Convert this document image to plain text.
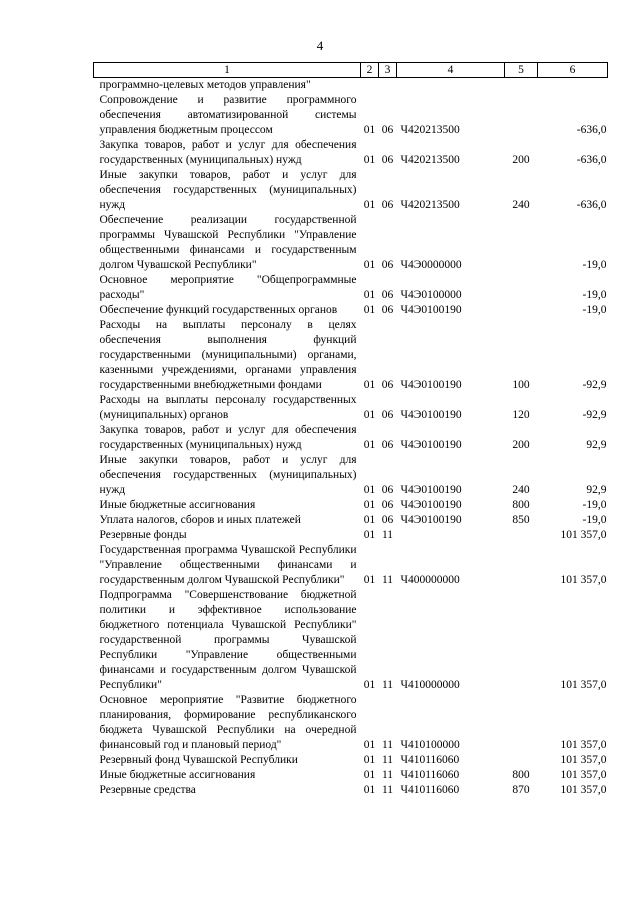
4
1	2	3	4	5	6
программно-целевых методов управления"					
Сопровождение и развитие программного обеспечения автоматизированной системы управления бюджетным процессом	01	06	Ч420213500		-636,0
Закупка товаров, работ и услуг для обеспечения государственных (муниципальных) нужд	01	06	Ч420213500	200	-636,0
Иные закупки товаров, работ и услуг для обеспечения государственных (муниципальных) нужд	01	06	Ч420213500	240	-636,0
Обеспечение реализации государственной программы Чувашской Республики "Управление общественными финансами и государственным долгом Чувашской Республики"	01	06	Ч4Э0000000		-19,0
Основное мероприятие "Общепрограммные расходы"	01	06	Ч4Э0100000		-19,0
Обеспечение функций государственных органов	01	06	Ч4Э0100190		-19,0
Расходы на выплаты персоналу в целях обеспечения выполнения функций государственными (муниципальными) органами, казенными учреждениями, органами управления государственными внебюджетными фондами	01	06	Ч4Э0100190	100	-92,9
Расходы на выплаты персоналу государственных (муниципальных) органов	01	06	Ч4Э0100190	120	-92,9
Закупка товаров, работ и услуг для обеспечения государственных (муниципальных) нужд	01	06	Ч4Э0100190	200	92,9
Иные закупки товаров, работ и услуг для обеспечения государственных (муниципальных) нужд	01	06	Ч4Э0100190	240	92,9
Иные бюджетные ассигнования	01	06	Ч4Э0100190	800	-19,0
Уплата налогов, сборов и иных платежей	01	06	Ч4Э0100190	850	-19,0
Резервные фонды	01	11			101 357,0
Государственная программа Чувашской Республики "Управление общественными финансами и государственным долгом Чувашской Республики"	01	11	Ч400000000		101 357,0
Подпрограмма "Совершенствование бюджетной политики и эффективное использование бюджетного потенциала Чувашской Республики" государственной программы Чувашской Республики "Управление общественными финансами и государственным долгом Чувашской Республики"	01	11	Ч410000000		101 357,0
Основное мероприятие "Развитие бюджетного планирования, формирование республиканского бюджета Чувашской Республики на очередной финансовый год и плановый период"	01	11	Ч410100000		101 357,0
Резервный фонд Чувашской Республики	01	11	Ч410116060		101 357,0
Иные бюджетные ассигнования	01	11	Ч410116060	800	101 357,0
Резервные средства	01	11	Ч410116060	870	101 357,0
